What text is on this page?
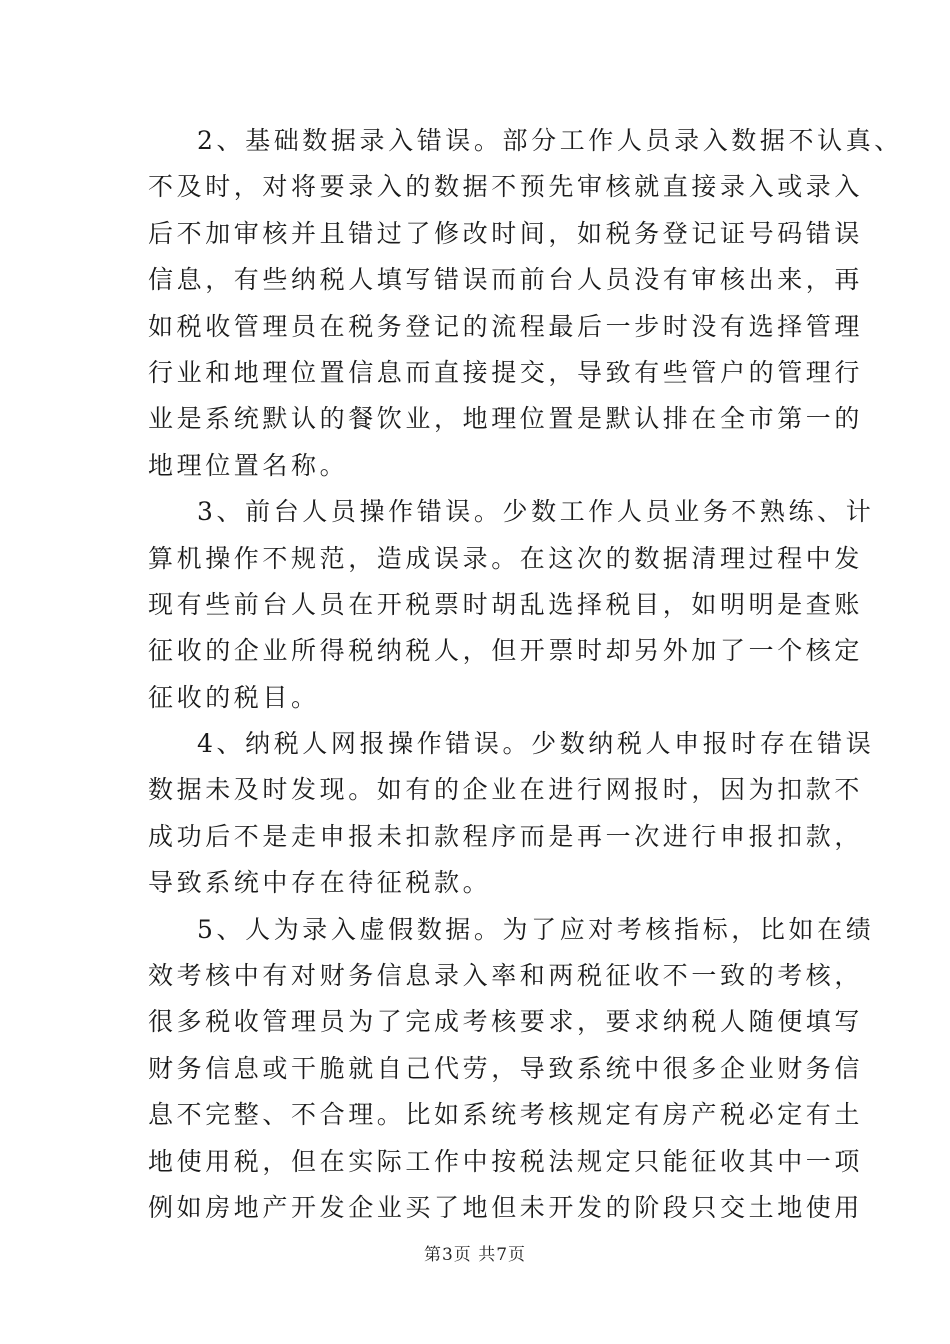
2、基础数据录入错误。部分工作人员录入数据不认真、
不及时，对将要录入的数据不预先审核就直接录入或录入
后不加审核并且错过了修改时间，如税务登记证号码错误
信息，有些纳税人填写错误而前台人员没有审核出来，再
如税收管理员在税务登记的流程最后一步时没有选择管理
行业和地理位置信息而直接提交，导致有些管户的管理行
业是系统默认的餐饮业，地理位置是默认排在全市第一的
地理位置名称。
3、前台人员操作错误。少数工作人员业务不熟练、计
算机操作不规范，造成误录。在这次的数据清理过程中发
现有些前台人员在开税票时胡乱选择税目，如明明是查账
征收的企业所得税纳税人，但开票时却另外加了一个核定
征收的税目。
4、纳税人网报操作错误。少数纳税人申报时存在错误
数据未及时发现。如有的企业在进行网报时，因为扣款不
成功后不是走申报未扣款程序而是再一次进行申报扣款，
导致系统中存在待征税款。
5、人为录入虚假数据。为了应对考核指标，比如在绩
效考核中有对财务信息录入率和两税征收不一致的考核，
很多税收管理员为了完成考核要求，要求纳税人随便填写
财务信息或干脆就自己代劳，导致系统中很多企业财务信
息不完整、不合理。比如系统考核规定有房产税必定有土
地使用税，但在实际工作中按税法规定只能征收其中一项
例如房地产开发企业买了地但未开发的阶段只交土地使用
第3页 共7页
